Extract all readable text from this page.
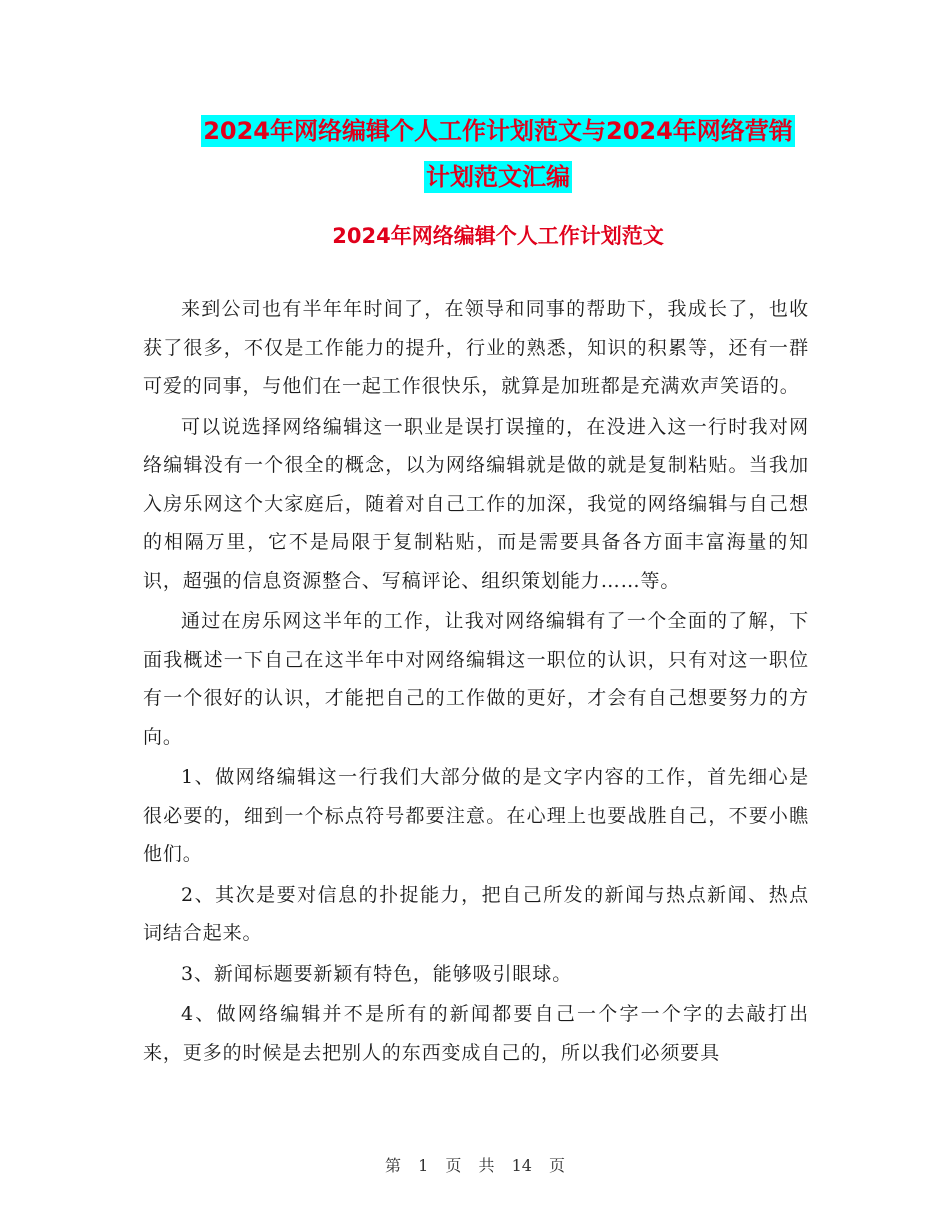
2024年网络编辑个人工作计划范文与2024年网络营销
计划范文汇编
2024年网络编辑个人工作计划范文

来到公司也有半年年时间了，在领导和同事的帮助下，我成长了，也收获了很多，不仅是工作能力的提升，行业的熟悉，知识的积累等，还有一群可爱的同事，与他们在一起工作很快乐，就算是加班都是充满欢声笑语的。

可以说选择网络编辑这一职业是误打误撞的，在没进入这一行时我对网络编辑没有一个很全的概念，以为网络编辑就是做的就是复制粘贴。当我加入房乐网这个大家庭后，随着对自己工作的加深，我觉的网络编辑与自己想的相隔万里，它不是局限于复制粘贴，而是需要具备各方面丰富海量的知识，超强的信息资源整合、写稿评论、组织策划能力……等。

通过在房乐网这半年的工作，让我对网络编辑有了一个全面的了解，下面我概述一下自己在这半年中对网络编辑这一职位的认识，只有对这一职位有一个很好的认识，才能把自己的工作做的更好，才会有自己想要努力的方向。

1、做网络编辑这一行我们大部分做的是文字内容的工作，首先细心是很必要的，细到一个标点符号都要注意。在心理上也要战胜自己，不要小瞧他们。

2、其次是要对信息的扑捉能力，把自己所发的新闻与热点新闻、热点词结合起来。

3、新闻标题要新颖有特色，能够吸引眼球。

4、做网络编辑并不是所有的新闻都要自己一个字一个字的去敲打出来，更多的时候是去把别人的东西变成自己的，所以我们必须要具

第 1 页 共 14 页
